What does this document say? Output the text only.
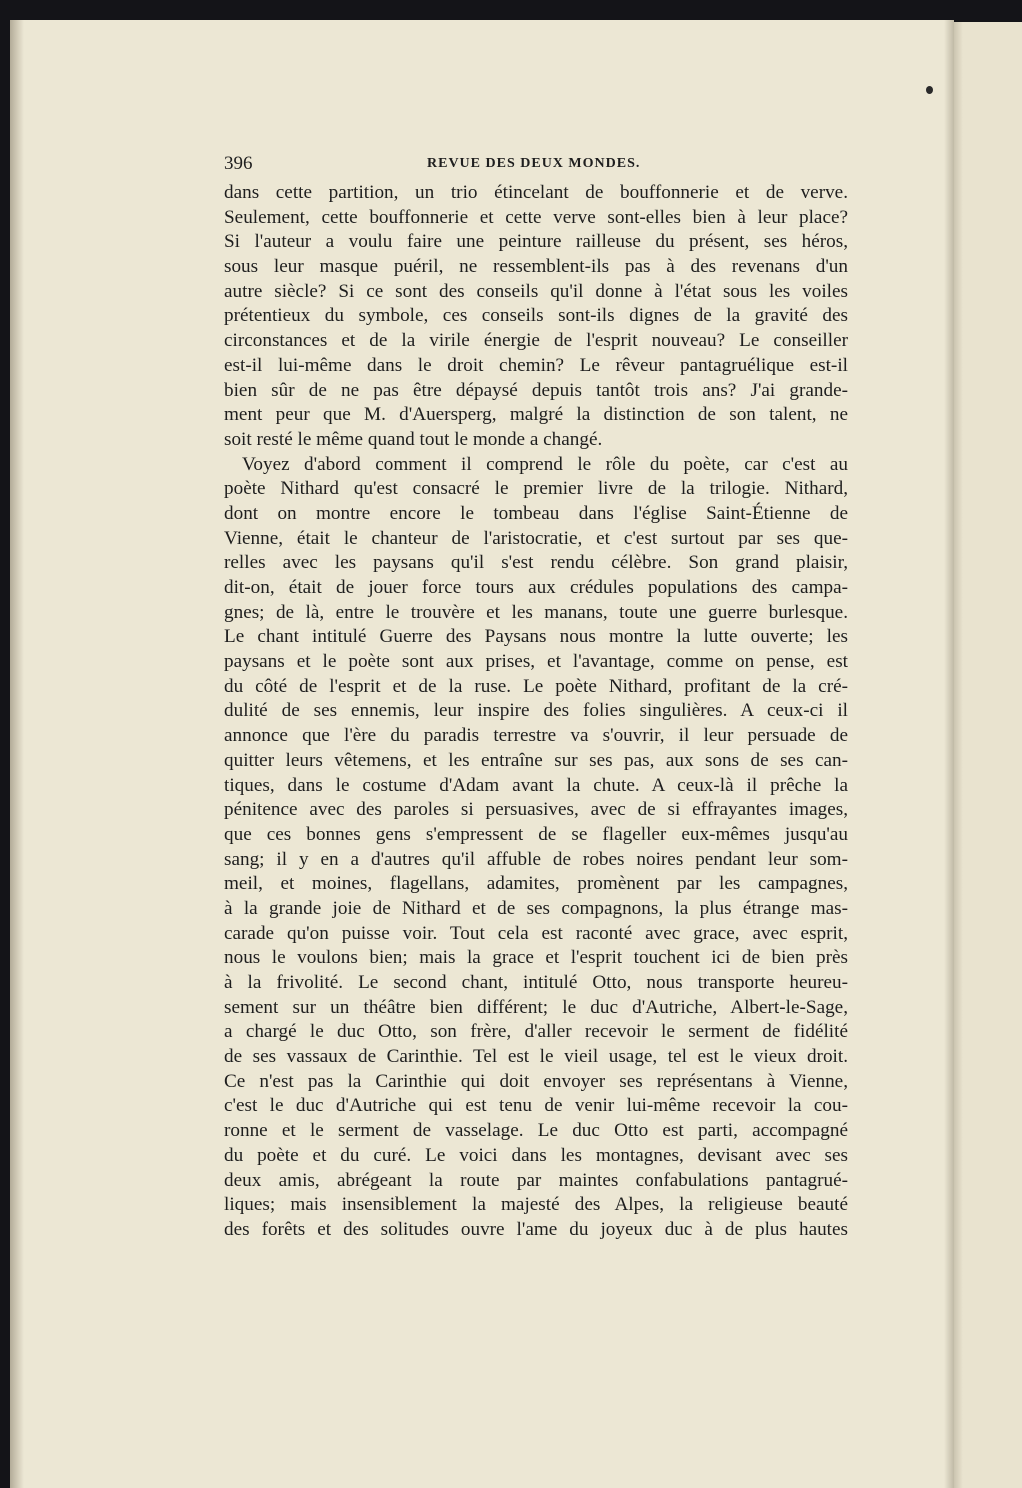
396	REVUE DES DEUX MONDES.
dans cette partition, un trio étincelant de bouffonnerie et de verve.
Seulement, cette bouffonnerie et cette verve sont-elles bien à leur place?
Si l'auteur a voulu faire une peinture railleuse du présent, ses héros,
sous leur masque puéril, ne ressemblent-ils pas à des revenans d'un
autre siècle? Si ce sont des conseils qu'il donne à l'état sous les voiles
prétentieux du symbole, ces conseils sont-ils dignes de la gravité des
circonstances et de la virile énergie de l'esprit nouveau? Le conseiller
est-il lui-même dans le droit chemin? Le rêveur pantagruélique est-il
bien sûr de ne pas être dépaysé depuis tantôt trois ans? J'ai grande-
ment peur que M. d'Auersperg, malgré la distinction de son talent, ne
soit resté le même quand tout le monde a changé.
Voyez d'abord comment il comprend le rôle du poète, car c'est au
poète Nithard qu'est consacré le premier livre de la trilogie. Nithard,
dont on montre encore le tombeau dans l'église Saint-Étienne de
Vienne, était le chanteur de l'aristocratie, et c'est surtout par ses que-
relles avec les paysans qu'il s'est rendu célèbre. Son grand plaisir,
dit-on, était de jouer force tours aux crédules populations des campa-
gnes; de là, entre le trouvère et les manans, toute une guerre burlesque.
Le chant intitulé Guerre des Paysans nous montre la lutte ouverte; les
paysans et le poète sont aux prises, et l'avantage, comme on pense, est
du côté de l'esprit et de la ruse. Le poète Nithard, profitant de la cré-
dulité de ses ennemis, leur inspire des folies singulières. A ceux-ci il
annonce que l'ère du paradis terrestre va s'ouvrir, il leur persuade de
quitter leurs vêtemens, et les entraîne sur ses pas, aux sons de ses can-
tiques, dans le costume d'Adam avant la chute. A ceux-là il prêche la
pénitence avec des paroles si persuasives, avec de si effrayantes images,
que ces bonnes gens s'empressent de se flageller eux-mêmes jusqu'au
sang; il y en a d'autres qu'il affuble de robes noires pendant leur som-
meil, et moines, flagellans, adamites, promènent par les campagnes,
à la grande joie de Nithard et de ses compagnons, la plus étrange mas-
carade qu'on puisse voir. Tout cela est raconté avec grace, avec esprit,
nous le voulons bien; mais la grace et l'esprit touchent ici de bien près
à la frivolité. Le second chant, intitulé Otto, nous transporte heureu-
sement sur un théâtre bien différent; le duc d'Autriche, Albert-le-Sage,
a chargé le duc Otto, son frère, d'aller recevoir le serment de fidélité
de ses vassaux de Carinthie. Tel est le vieil usage, tel est le vieux droit.
Ce n'est pas la Carinthie qui doit envoyer ses représentans à Vienne,
c'est le duc d'Autriche qui est tenu de venir lui-même recevoir la cou-
ronne et le serment de vasselage. Le duc Otto est parti, accompagné
du poète et du curé. Le voici dans les montagnes, devisant avec ses
deux amis, abrégeant la route par maintes confabulations pantagrué-
liques; mais insensiblement la majesté des Alpes, la religieuse beauté
des forêts et des solitudes ouvre l'ame du joyeux duc à de plus hautes
